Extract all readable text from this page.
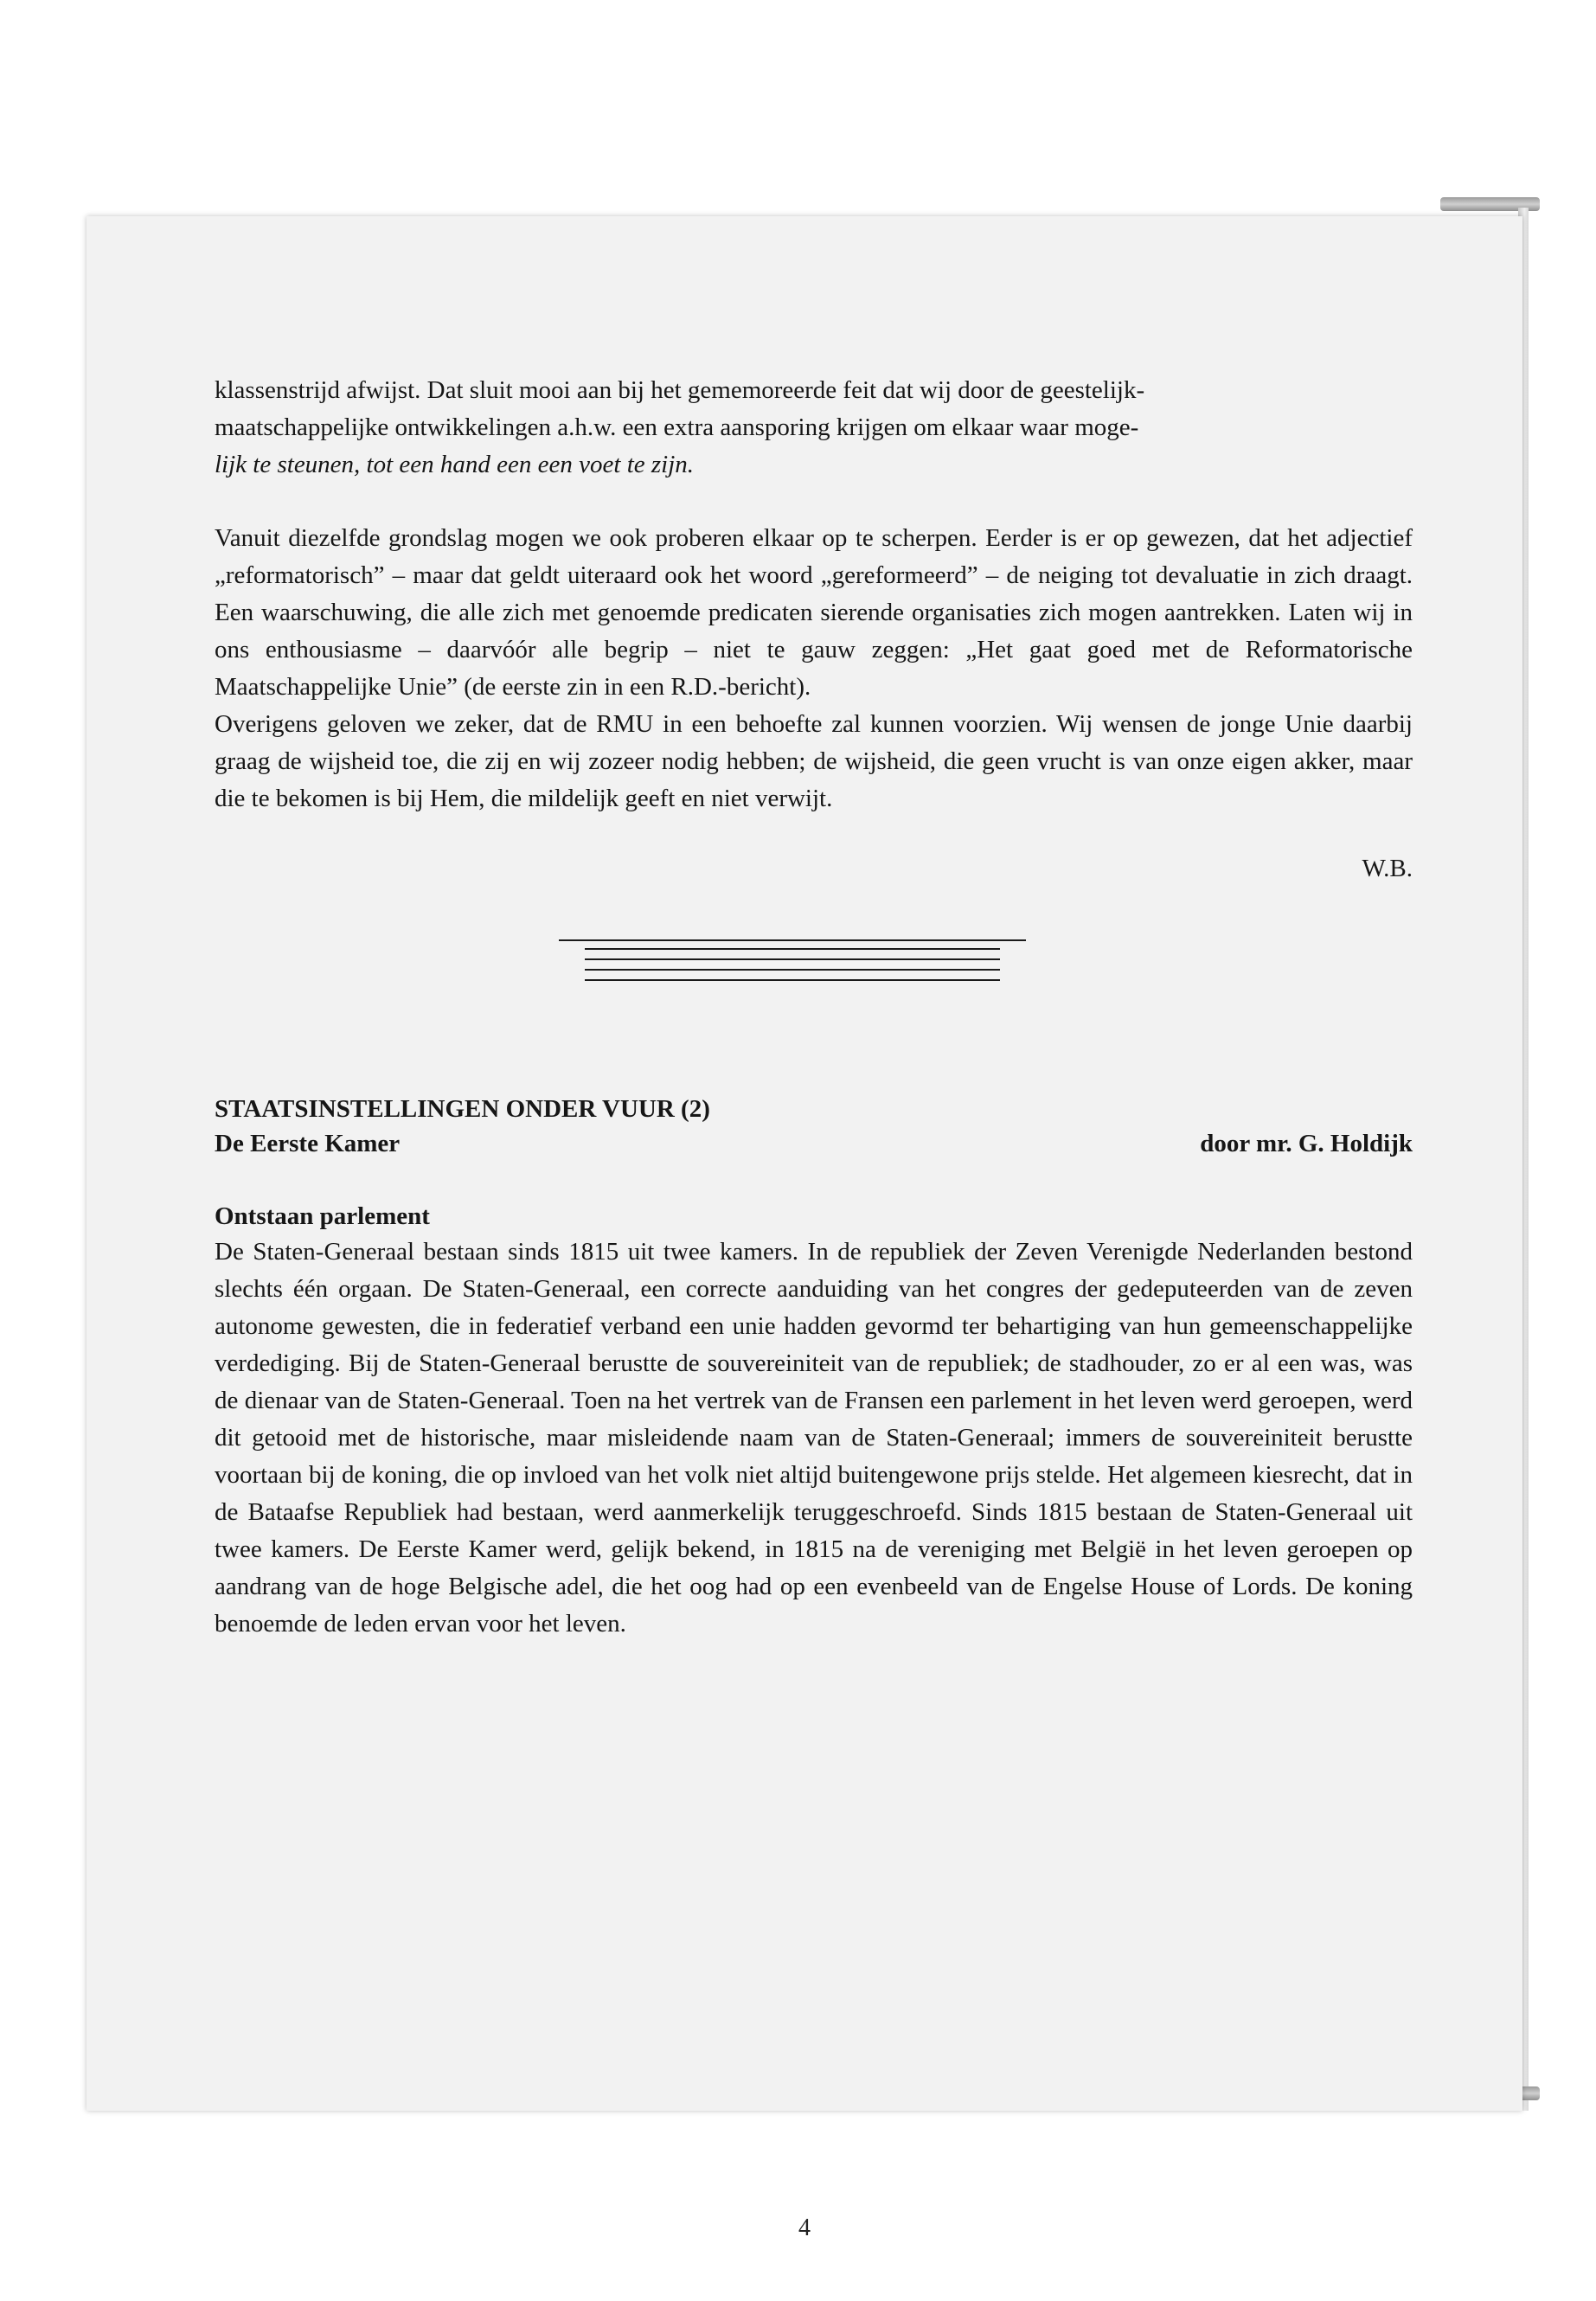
4

klassenstrijd afwijst. Dat sluit mooi aan bij het gememoreerde feit dat wij door de geestelijk-
maatschappelijke ontwikkelingen a.h.w. een extra aansporing krijgen om elkaar waar moge-
lijk te steunen, tot een hand een een voet te zijn.

Vanuit diezelfde grondslag mogen we ook proberen elkaar op te scherpen. Eerder is er op gewezen, dat het adjectief „reformatorisch” – maar dat geldt uiteraard ook het woord „gereformeerd” – de neiging tot devaluatie in zich draagt. Een waarschuwing, die alle zich met genoemde predicaten sierende organisaties zich mogen aantrekken. Laten wij in ons enthousiasme – daarvóór alle begrip – niet te gauw zeggen: „Het gaat goed met de Reformatorische Maatschappelijke Unie” (de eerste zin in een R.D.-bericht).

Overigens geloven we zeker, dat de RMU in een behoefte zal kunnen voorzien. Wij wensen de jonge Unie daarbij graag de wijsheid toe, die zij en wij zozeer nodig hebben; de wijsheid, die geen vrucht is van onze eigen akker, maar die te bekomen is bij Hem, die mildelijk geeft en niet verwijt.

W.B.
STAATSINSTELLINGEN ONDER VUUR (2)
De Eerste Kamer	door mr. G. Holdijk
Ontstaan parlement

De Staten-Generaal bestaan sinds 1815 uit twee kamers. In de republiek der Zeven Verenigde Nederlanden bestond slechts één orgaan. De Staten-Generaal, een correcte aanduiding van het congres der gedeputeerden van de zeven autonome gewesten, die in federatief verband een unie hadden gevormd ter behartiging van hun gemeenschappelijke verdediging. Bij de Staten-Generaal berustte de souvereiniteit van de republiek; de stadhouder, zo er al een was, was de dienaar van de Staten-Generaal. Toen na het vertrek van de Fransen een parlement in het leven werd geroepen, werd dit getooid met de historische, maar misleidende naam van de Staten-Generaal; immers de souvereiniteit berustte voortaan bij de koning, die op invloed van het volk niet altijd buitengewone prijs stelde. Het algemeen kiesrecht, dat in de Bataafse Republiek had bestaan, werd aanmerkelijk teruggeschroefd. Sinds 1815 bestaan de Staten-Generaal uit twee kamers. De Eerste Kamer werd, gelijk bekend, in 1815 na de vereniging met België in het leven geroepen op aandrang van de hoge Belgische adel, die het oog had op een evenbeeld van de Engelse House of Lords. De koning benoemde de leden ervan voor het leven.
